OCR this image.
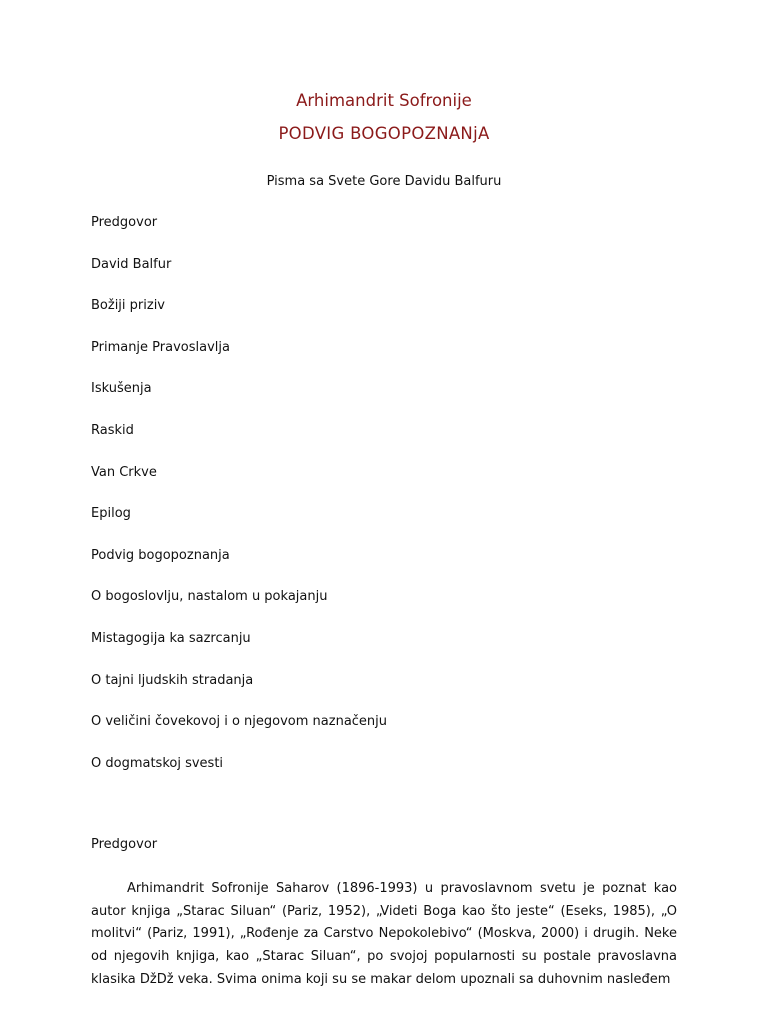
Arhimandrit Sofronije
PODVIG BOGOPOZNANjA
Pisma sa Svete Gore Davidu Balfuru
Predgovor
David Balfur
Božiji priziv
Primanje Pravoslavlja
Iskušenja
Raskid
Van Crkve
Epilog
Podvig bogopoznanja
O bogoslovlju, nastalom u pokajanju
Mistagogija ka sazrcanju
O tajni ljudskih stradanja
O veličini čovekovoj i o njegovom naznačenju
O dogmatskoj svesti
Predgovor

Arhimandrit Sofronije Saharov (1896-1993) u pravoslavnom svetu je poznat kao autor knjiga „Starac Siluan“ (Pariz, 1952), „Videti Boga kao što jeste“ (Eseks, 1985), „O molitvi“ (Pariz, 1991), „Rođenje za Carstvo Nepokolebivo“ (Moskva, 2000) i drugih. Neke od njegovih knjiga, kao „Starac Siluan“, po svojoj popularnosti su postale pravoslavna klasika DžDž veka. Svima onima koji su se makar delom upoznali sa duhovnim nasleđem
